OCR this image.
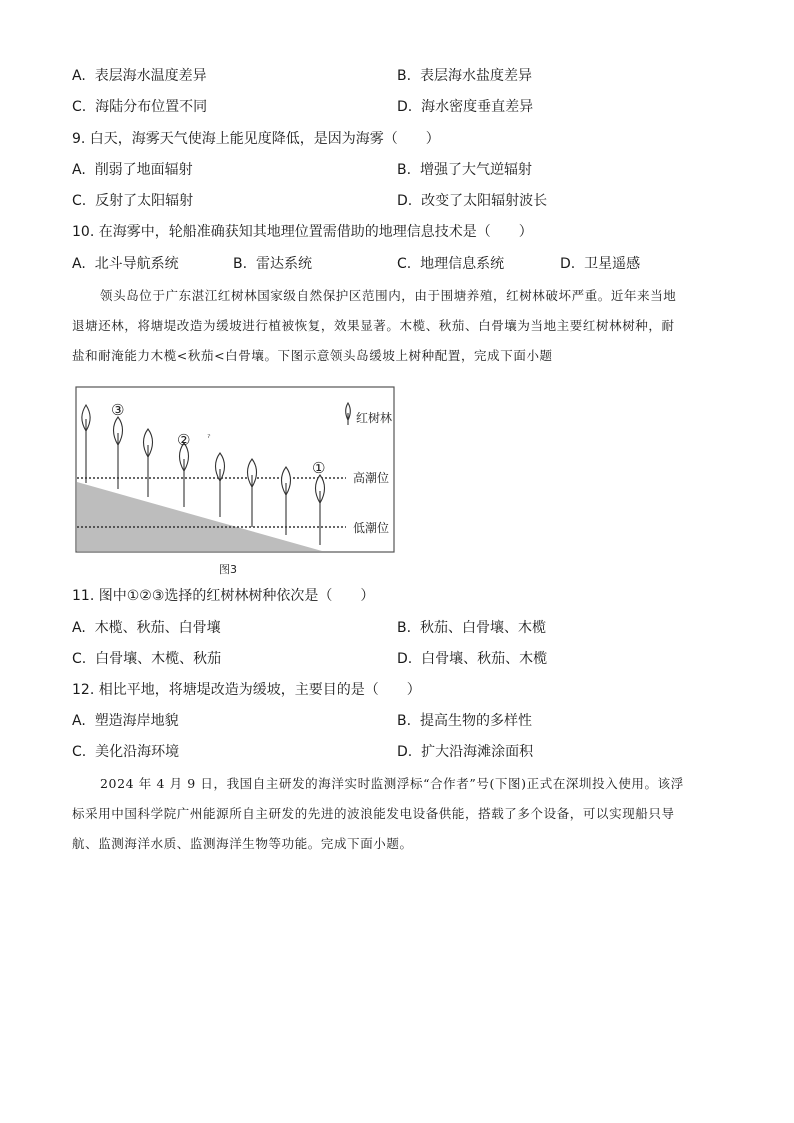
A. 表层海水温度差异	B. 表层海水盐度差异
C. 海陆分布位置不同	D. 海水密度垂直差异
9. 白天，海雾天气使海上能见度降低，是因为海雾（　　）
A. 削弱了地面辐射	B. 增强了大气逆辐射
C. 反射了太阳辐射	D. 改变了太阳辐射波长
10. 在海雾中，轮船准确获知其地理位置需借助的地理信息技术是（　　）
A. 北斗导航系统	B. 雷达系统	C. 地理信息系统	D. 卫星遥感
领头岛位于广东湛江红树林国家级自然保护区范围内，由于围塘养殖，红树林破坏严重。近年来当地
退塘还林，将塘堤改造为缓坡进行植被恢复，效果显著。木榄、秋茄、白骨壤为当地主要红树林树种，耐
盐和耐淹能力木榄<秋茄<白骨壤。下图示意领头岛缓坡上树种配置，完成下面小题
ˀ
③
②
①
红树林
高潮位
低潮位
图3
11. 图中①②③选择的红树林树种依次是（　　）
A. 木榄、秋茄、白骨壤	B. 秋茄、白骨壤、木榄
C. 白骨壤、木榄、秋茄	D. 白骨壤、秋茄、木榄
12. 相比平地，将塘堤改造为缓坡，主要目的是（　　）
A. 塑造海岸地貌	B. 提高生物的多样性
C. 美化沿海环境	D. 扩大沿海滩涂面积
2024 年 4 月 9 日，我国自主研发的海洋实时监测浮标“合作者”号(下图)正式在深圳投入使用。该浮
标采用中国科学院广州能源所自主研发的先进的波浪能发电设备供能，搭载了多个设备，可以实现船只导
航、监测海洋水质、监测海洋生物等功能。完成下面小题。
